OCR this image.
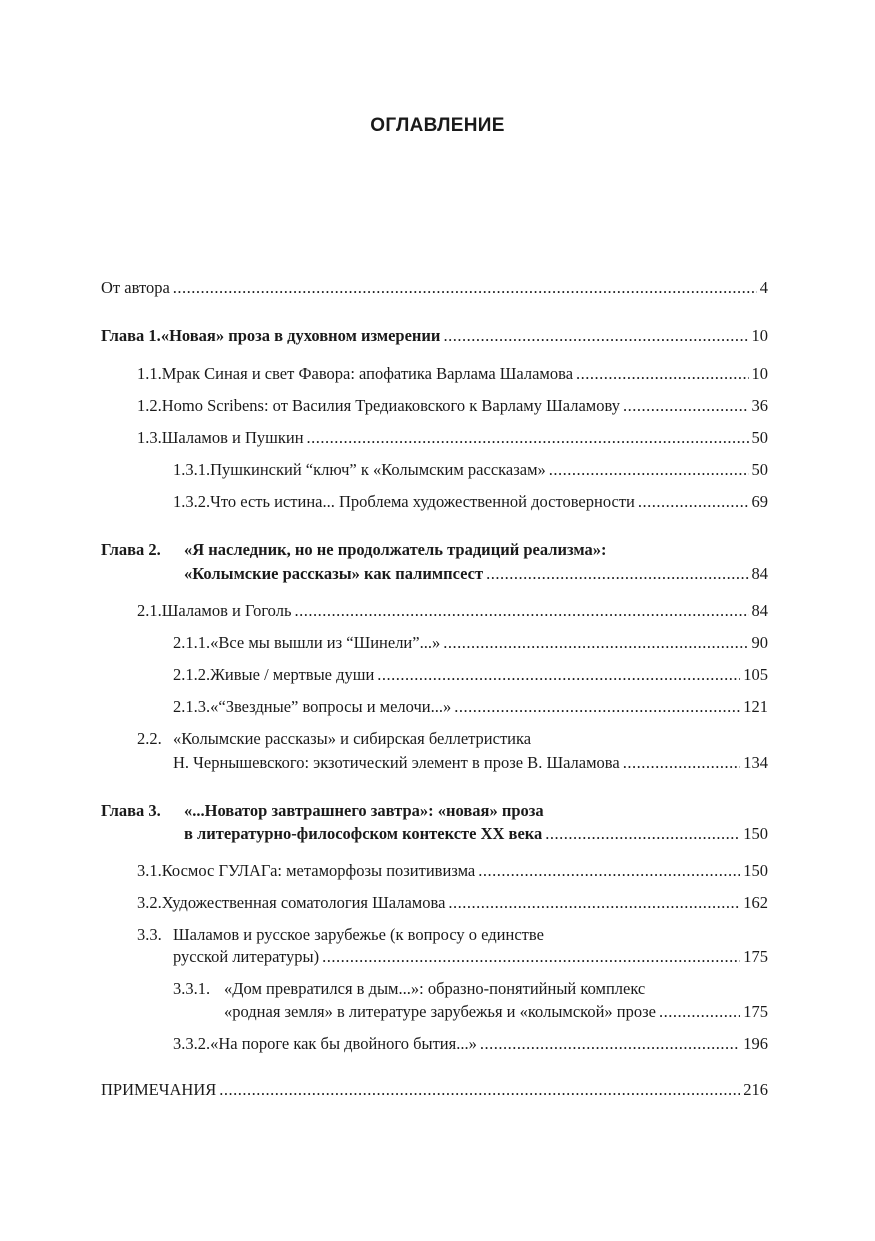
ОГЛАВЛЕНИЕ
От автора .....	4
Глава 1. «Новая» проза в духовном измерении .....	10
1.1. Мрак Синая и свет Фавора: апофатика Варлама Шаламова .....	10
1.2. Homo Scribens: от Василия Тредиаковского к Варламу Шаламову .....	36
1.3. Шаламов и Пушкин .....	50
1.3.1. Пушкинский “ключ” к «Колымским рассказам» .....	50
1.3.2. Что есть истина... Проблема художественной достоверности .....	69
Глава 2.	«Я наследник, но не продолжатель традиций реализма»:
«Колымские рассказы» как палимпсест .....	84
2.1. Шаламов и Гоголь .....	84
2.1.1. «Все мы вышли из “Шинели”...» .....	90
2.1.2. Живые / мертвые души .....	105
2.1.3. «“Звездные” вопросы и мелочи...» .....	121
2.2. «Колымские рассказы» и сибирская беллетристика
Н. Чернышевского: экзотический элемент в прозе В. Шаламова .....	134
Глава 3.	«...Новатор завтрашнего завтра»: «новая» проза
в литературно-философском контексте XX века .....	150
3.1. Космос ГУЛАГа: метаморфозы позитивизма .....	150
3.2. Художественная соматология Шаламова .....	162
3.3. Шаламов и русское зарубежье (к вопросу о единстве
русской литературы) .....	175
3.3.1. «Дом превратился в дым...»: образно-понятийный комплекс
«родная земля» в литературе зарубежья и «колымской» прозе .....	175
3.3.2. «На пороге как бы двойного бытия...» .....	196
ПРИМЕЧАНИЯ .....	216
